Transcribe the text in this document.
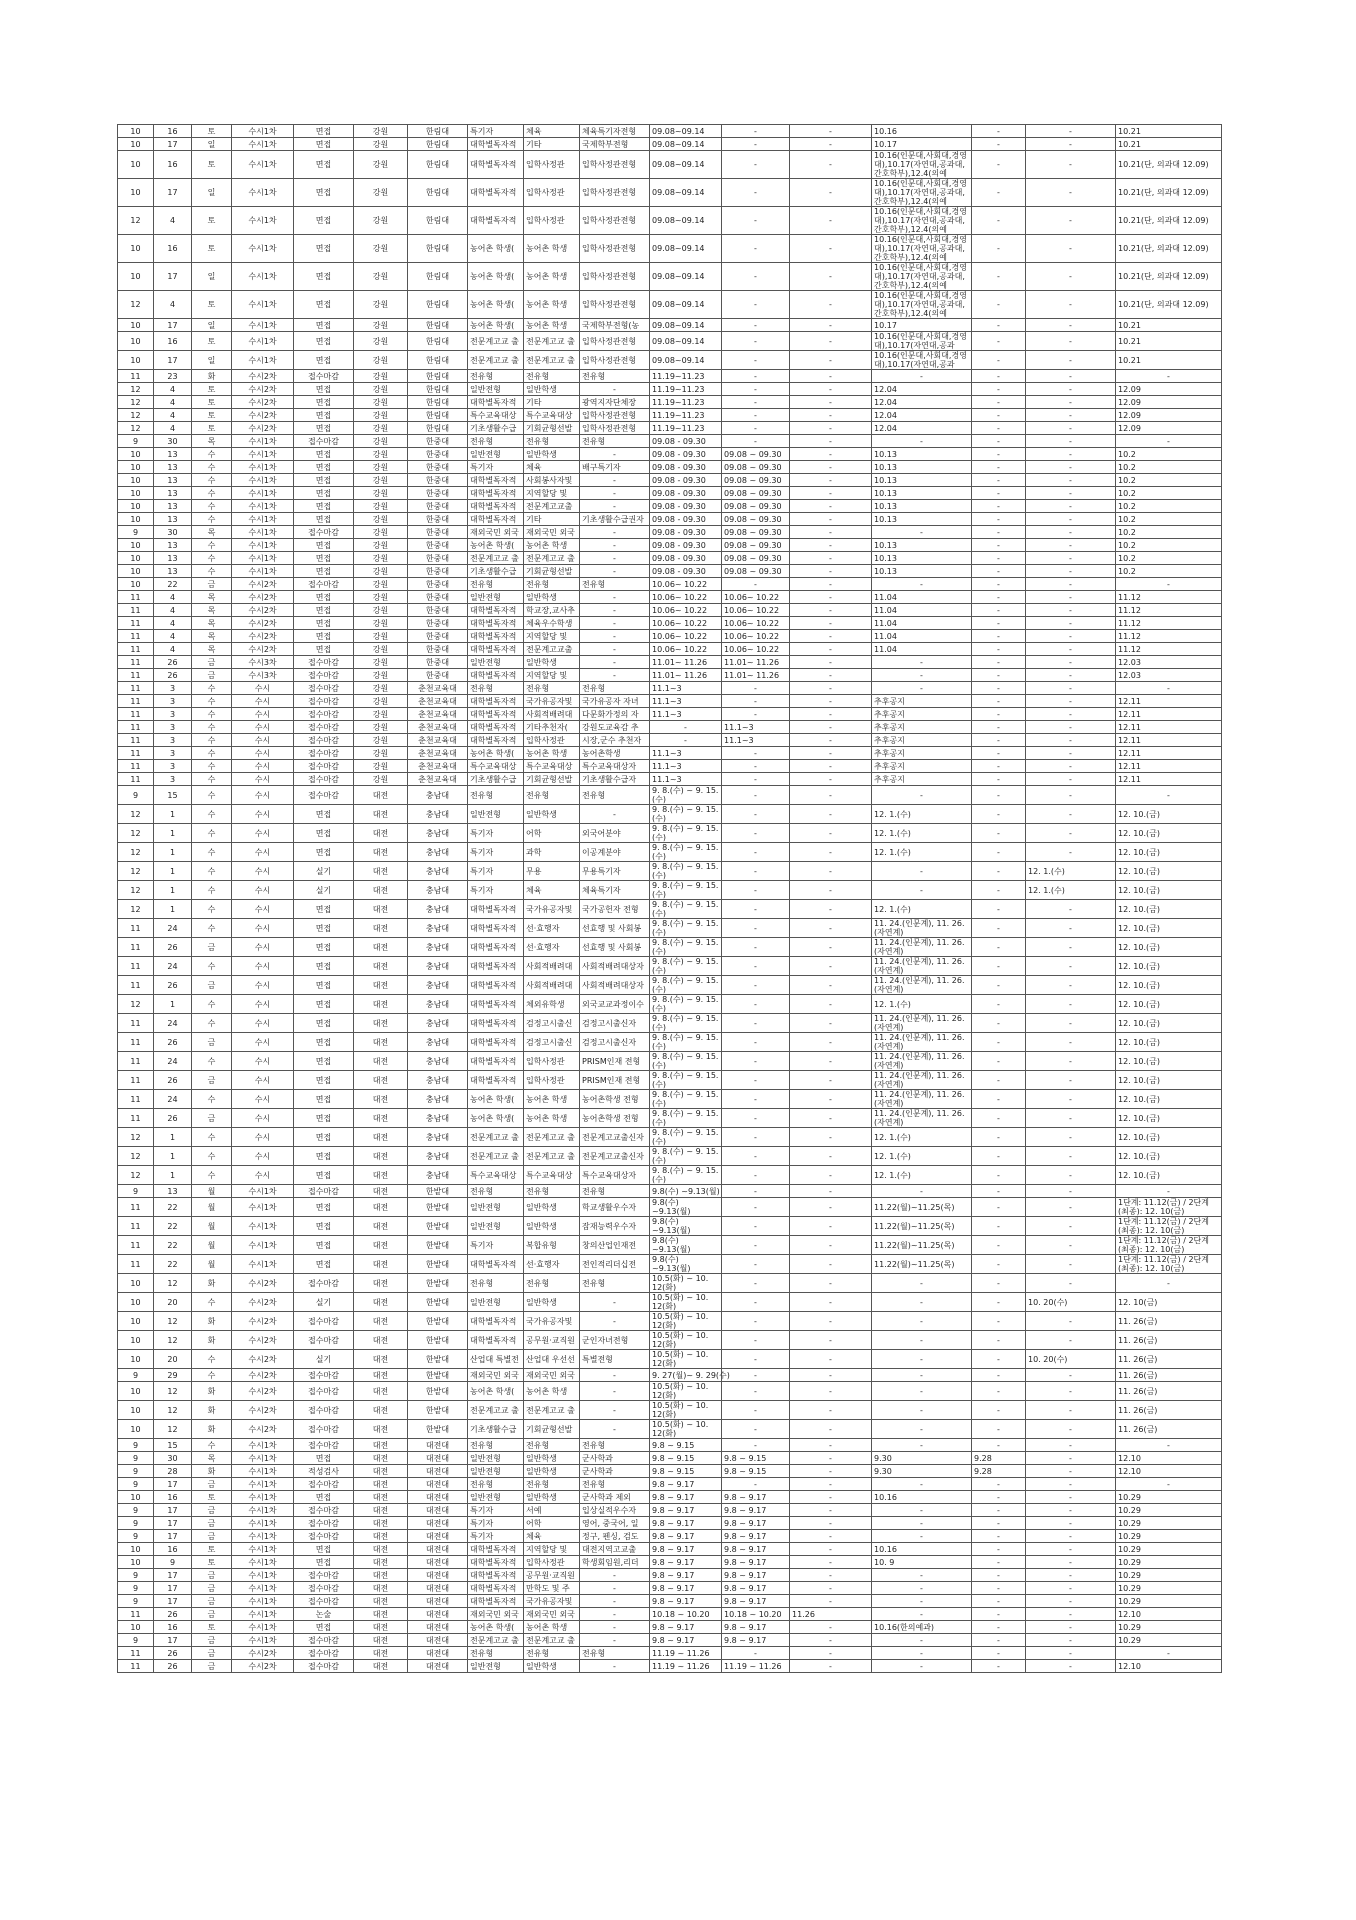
10	16	토	수시1차	면접	강원	한림대	특기자	체육	체육특기자전형	09.08~09.14	-	-	10.16	-	-	10.21
10	17	일	수시1차	면접	강원	한림대	대학별독자적	기타	국제학부전형	09.08~09.14	-	-	10.17	-	-	10.21
10	16	토	수시1차	면접	강원	한림대	대학별독자적	입학사정관	입학사정관전형	09.08~09.14	-	-	10.16(인문대,사회대,경영대),10.17(자연대,공과대,간호학부),12.4(의예	-	-	10.21(단, 의과대 12.09)
10	17	일	수시1차	면접	강원	한림대	대학별독자적	입학사정관	입학사정관전형	09.08~09.14	-	-	10.16(인문대,사회대,경영대),10.17(자연대,공과대,간호학부),12.4(의예	-	-	10.21(단, 의과대 12.09)
12	4	토	수시1차	면접	강원	한림대	대학별독자적	입학사정관	입학사정관전형	09.08~09.14	-	-	10.16(인문대,사회대,경영대),10.17(자연대,공과대,간호학부),12.4(의예	-	-	10.21(단, 의과대 12.09)
10	16	토	수시1차	면접	강원	한림대	농어촌 학생(	농어촌 학생	입학사정관전형	09.08~09.14	-	-	10.16(인문대,사회대,경영대),10.17(자연대,공과대,간호학부),12.4(의예	-	-	10.21(단, 의과대 12.09)
10	17	일	수시1차	면접	강원	한림대	농어촌 학생(	농어촌 학생	입학사정관전형	09.08~09.14	-	-	10.16(인문대,사회대,경영대),10.17(자연대,공과대,간호학부),12.4(의예	-	-	10.21(단, 의과대 12.09)
12	4	토	수시1차	면접	강원	한림대	농어촌 학생(	농어촌 학생	입학사정관전형	09.08~09.14	-	-	10.16(인문대,사회대,경영대),10.17(자연대,공과대,간호학부),12.4(의예	-	-	10.21(단, 의과대 12.09)
10	17	일	수시1차	면접	강원	한림대	농어촌 학생(	농어촌 학생	국제학부전형(농	09.08~09.14	-	-	10.17	-	-	10.21
10	16	토	수시1차	면접	강원	한림대	전문계고교 출	전문계고교 출	입학사정관전형	09.08~09.14	-	-	10.16(인문대,사회대,경영대),10.17(자연대,공과	-	-	10.21
10	17	일	수시1차	면접	강원	한림대	전문계고교 출	전문계고교 출	입학사정관전형	09.08~09.14	-	-	10.16(인문대,사회대,경영대),10.17(자연대,공과	-	-	10.21
11	23	화	수시2차	접수마감	강원	한림대	전유형	전유형	전유형	11.19~11.23	-	-	-	-	-	-
12	4	토	수시2차	면접	강원	한림대	일반전형	일반학생	-	11.19~11.23	-	-	12.04	-	-	12.09
12	4	토	수시2차	면접	강원	한림대	대학별독자적	기타	광역지자단체장	11.19~11.23	-	-	12.04	-	-	12.09
12	4	토	수시2차	면접	강원	한림대	특수교육대상	특수교육대상	입학사정관전형	11.19~11.23	-	-	12.04	-	-	12.09
12	4	토	수시2차	면접	강원	한림대	기초생활수급	기회균형선발	입학사정관전형	11.19~11.23	-	-	12.04	-	-	12.09
9	30	목	수시1차	접수마감	강원	한중대	전유형	전유형	전유형	09.08 - 09.30	-	-	-	-	-	-
10	13	수	수시1차	면접	강원	한중대	일반전형	일반학생	-	09.08 - 09.30	09.08 ~ 09.30	-	10.13	-	-	10.2
10	13	수	수시1차	면접	강원	한중대	특기자	체육	배구특기자	09.08 - 09.30	09.08 ~ 09.30	-	10.13	-	-	10.2
10	13	수	수시1차	면접	강원	한중대	대학별독자적	사회봉사자및	-	09.08 - 09.30	09.08 ~ 09.30	-	10.13	-	-	10.2
10	13	수	수시1차	면접	강원	한중대	대학별독자적	지역할당 및	-	09.08 - 09.30	09.08 ~ 09.30	-	10.13	-	-	10.2
10	13	수	수시1차	면접	강원	한중대	대학별독자적	전문계고교출	-	09.08 - 09.30	09.08 ~ 09.30	-	10.13	-	-	10.2
10	13	수	수시1차	면접	강원	한중대	대학별독자적	기타	기초생활수급권자	09.08 - 09.30	09.08 ~ 09.30	-	10.13	-	-	10.2
9	30	목	수시1차	접수마감	강원	한중대	재외국민 외국	재외국민 외국	-	09.08 - 09.30	09.08 ~ 09.30	-	-	-	-	10.2
10	13	수	수시1차	면접	강원	한중대	농어촌 학생(	농어촌 학생	-	09.08 - 09.30	09.08 ~ 09.30	-	10.13	-	-	10.2
10	13	수	수시1차	면접	강원	한중대	전문계고교 출	전문계고교 출	-	09.08 - 09.30	09.08 ~ 09.30	-	10.13	-	-	10.2
10	13	수	수시1차	면접	강원	한중대	기초생활수급	기회균형선발	-	09.08 - 09.30	09.08 ~ 09.30	-	10.13	-	-	10.2
10	22	금	수시2차	접수마감	강원	한중대	전유형	전유형	전유형	10.06~ 10.22	-	-	-	-	-	-
11	4	목	수시2차	면접	강원	한중대	일반전형	일반학생	-	10.06~ 10.22	10.06~ 10.22	-	11.04	-	-	11.12
11	4	목	수시2차	면접	강원	한중대	대학별독자적	학교장,교사추	-	10.06~ 10.22	10.06~ 10.22	-	11.04	-	-	11.12
11	4	목	수시2차	면접	강원	한중대	대학별독자적	체육우수학생	-	10.06~ 10.22	10.06~ 10.22	-	11.04	-	-	11.12
11	4	목	수시2차	면접	강원	한중대	대학별독자적	지역할당 및	-	10.06~ 10.22	10.06~ 10.22	-	11.04	-	-	11.12
11	4	목	수시2차	면접	강원	한중대	대학별독자적	전문계고교출	-	10.06~ 10.22	10.06~ 10.22	-	11.04	-	-	11.12
11	26	금	수시3차	접수마감	강원	한중대	일반전형	일반학생	-	11.01~ 11.26	11.01~ 11.26	-	-	-	-	12.03
11	26	금	수시3차	접수마감	강원	한중대	대학별독자적	지역할당 및	-	11.01~ 11.26	11.01~ 11.26	-	-	-	-	12.03
11	3	수	수시	접수마감	강원	춘천교육대	전유형	전유형	전유형	11.1~3	-	-	-	-	-	-
11	3	수	수시	접수마감	강원	춘천교육대	대학별독자적	국가유공자및	국가유공자 자녀	11.1~3	-	-	추후공지	-	-	12.11
11	3	수	수시	접수마감	강원	춘천교육대	대학별독자적	사회적배려대	다문화가정의 자	11.1~3	-	-	추후공지	-	-	12.11
11	3	수	수시	접수마감	강원	춘천교육대	대학별독자적	기타추천자(	강원도교육감 추	-	11.1~3	-	추후공지	-	-	12.11
11	3	수	수시	접수마감	강원	춘천교육대	대학별독자적	입학사정관	시장,군수 추천자	-	11.1~3	-	추후공지	-	-	12.11
11	3	수	수시	접수마감	강원	춘천교육대	농어촌 학생(	농어촌 학생	농어촌학생	11.1~3	-	-	추후공지	-	-	12.11
11	3	수	수시	접수마감	강원	춘천교육대	특수교육대상	특수교육대상	특수교육대상자	11.1~3	-	-	추후공지	-	-	12.11
11	3	수	수시	접수마감	강원	춘천교육대	기초생활수급	기회균형선발	기초생활수급자	11.1~3	-	-	추후공지	-	-	12.11
9	15	수	수시	접수마감	대전	충남대	전유형	전유형	전유형	9. 8.(수) ~ 9. 15.(수)	-	-	-	-	-	-
12	1	수	수시	면접	대전	충남대	일반전형	일반학생	-	9. 8.(수) ~ 9. 15.(수)	-	-	12. 1.(수)	-	-	12. 10.(금)
12	1	수	수시	면접	대전	충남대	특기자	어학	외국어분야	9. 8.(수) ~ 9. 15.(수)	-	-	12. 1.(수)	-	-	12. 10.(금)
12	1	수	수시	면접	대전	충남대	특기자	과학	이공계분야	9. 8.(수) ~ 9. 15.(수)	-	-	12. 1.(수)	-	-	12. 10.(금)
12	1	수	수시	실기	대전	충남대	특기자	무용	무용특기자	9. 8.(수) ~ 9. 15.(수)	-	-	-	-	12. 1.(수)	12. 10.(금)
12	1	수	수시	실기	대전	충남대	특기자	체육	체육특기자	9. 8.(수) ~ 9. 15.(수)	-	-	-	-	12. 1.(수)	12. 10.(금)
12	1	수	수시	면접	대전	충남대	대학별독자적	국가유공자및	국가공헌자 전형	9. 8.(수) ~ 9. 15.(수)	-	-	12. 1.(수)	-	-	12. 10.(금)
11	24	수	수시	면접	대전	충남대	대학별독자적	선·효행자	선효행 및 사회봉	9. 8.(수) ~ 9. 15.(수)	-	-	11. 24.(인문계), 11. 26.(자연계)	-	-	12. 10.(금)
11	26	금	수시	면접	대전	충남대	대학별독자적	선·효행자	선효행 및 사회봉	9. 8.(수) ~ 9. 15.(수)	-	-	11. 24.(인문계), 11. 26.(자연계)	-	-	12. 10.(금)
11	24	수	수시	면접	대전	충남대	대학별독자적	사회적배려대	사회적배려대상자	9. 8.(수) ~ 9. 15.(수)	-	-	11. 24.(인문계), 11. 26.(자연계)	-	-	12. 10.(금)
11	26	금	수시	면접	대전	충남대	대학별독자적	사회적배려대	사회적배려대상자	9. 8.(수) ~ 9. 15.(수)	-	-	11. 24.(인문계), 11. 26.(자연계)	-	-	12. 10.(금)
12	1	수	수시	면접	대전	충남대	대학별독자적	체외유학생	외국교교과정이수	9. 8.(수) ~ 9. 15.(수)	-	-	12. 1.(수)	-	-	12. 10.(금)
11	24	수	수시	면접	대전	충남대	대학별독자적	검정고시출신	검정고시출신자	9. 8.(수) ~ 9. 15.(수)	-	-	11. 24.(인문계), 11. 26.(자연계)	-	-	12. 10.(금)
11	26	금	수시	면접	대전	충남대	대학별독자적	검정고시출신	검정고시출신자	9. 8.(수) ~ 9. 15.(수)	-	-	11. 24.(인문계), 11. 26.(자연계)	-	-	12. 10.(금)
11	24	수	수시	면접	대전	충남대	대학별독자적	입학사정관	PRISM인재 전형	9. 8.(수) ~ 9. 15.(수)	-	-	11. 24.(인문계), 11. 26.(자연계)	-	-	12. 10.(금)
11	26	금	수시	면접	대전	충남대	대학별독자적	입학사정관	PRISM인재 전형	9. 8.(수) ~ 9. 15.(수)	-	-	11. 24.(인문계), 11. 26.(자연계)	-	-	12. 10.(금)
11	24	수	수시	면접	대전	충남대	농어촌 학생(	농어촌 학생	농어촌학생 전형	9. 8.(수) ~ 9. 15.(수)	-	-	11. 24.(인문계), 11. 26.(자연계)	-	-	12. 10.(금)
11	26	금	수시	면접	대전	충남대	농어촌 학생(	농어촌 학생	농어촌학생 전형	9. 8.(수) ~ 9. 15.(수)	-	-	11. 24.(인문계), 11. 26.(자연계)	-	-	12. 10.(금)
12	1	수	수시	면접	대전	충남대	전문계고교 출	전문계고교 출	전문계고교출신자	9. 8.(수) ~ 9. 15.(수)	-	-	12. 1.(수)	-	-	12. 10.(금)
12	1	수	수시	면접	대전	충남대	전문계고교 출	전문계고교 출	전문계고교출신자	9. 8.(수) ~ 9. 15.(수)	-	-	12. 1.(수)	-	-	12. 10.(금)
12	1	수	수시	면접	대전	충남대	특수교육대상	특수교육대상	특수교육대상자	9. 8.(수) ~ 9. 15.(수)	-	-	12. 1.(수)	-	-	12. 10.(금)
9	13	월	수시1차	접수마감	대전	한밭대	전유형	전유형	전유형	9.8(수) ~9.13(월)	-	-	-	-	-	-
11	22	월	수시1차	면접	대전	한밭대	일반전형	일반학생	학교생활우수자	9.8(수) ~9.13(월)	-	-	11.22(월)~11.25(목)	-	-	1단계: 11.12(금) / 2단계(최종): 12. 10(금)
11	22	월	수시1차	면접	대전	한밭대	일반전형	일반학생	잠재능력우수자	9.8(수) ~9.13(월)	-	-	11.22(월)~11.25(목)	-	-	1단계: 11.12(금) / 2단계(최종): 12. 10(금)
11	22	월	수시1차	면접	대전	한밭대	특기자	복합유형	창의산업인재전	9.8(수) ~9.13(월)	-	-	11.22(월)~11.25(목)	-	-	1단계: 11.12(금) / 2단계(최종): 12. 10(금)
11	22	월	수시1차	면접	대전	한밭대	대학별독자적	선·효행자	전인적리더십전	9.8(수) ~9.13(월)	-	-	11.22(월)~11.25(목)	-	-	1단계: 11.12(금) / 2단계(최종): 12. 10(금)
10	12	화	수시2차	접수마감	대전	한밭대	전유형	전유형	전유형	10.5(화) ~ 10. 12(화)	-	-	-	-	-	-
10	20	수	수시2차	실기	대전	한밭대	일반전형	일반학생	-	10.5(화) ~ 10. 12(화)	-	-	-	-	10. 20(수)	12. 10(금)
10	12	화	수시2차	접수마감	대전	한밭대	대학별독자적	국가유공자및	-	10.5(화) ~ 10. 12(화)	-	-	-	-	-	11. 26(금)
10	12	화	수시2차	접수마감	대전	한밭대	대학별독자적	공무원·교직원	군인자녀전형	10.5(화) ~ 10. 12(화)	-	-	-	-	-	11. 26(금)
10	20	수	수시2차	실기	대전	한밭대	산업대 특별전	산업대 우선선	특별전형	10.5(화) ~ 10. 12(화)	-	-	-	-	10. 20(수)	11. 26(금)
9	29	수	수시2차	접수마감	대전	한밭대	재외국민 외국	재외국민 외국	-	9. 27(월)~ 9. 29(수)	-	-	-	-	-	11. 26(금)
10	12	화	수시2차	접수마감	대전	한밭대	농어촌 학생(	농어촌 학생	-	10.5(화) ~ 10. 12(화)	-	-	-	-	-	11. 26(금)
10	12	화	수시2차	접수마감	대전	한밭대	전문계고교 출	전문계고교 출	-	10.5(화) ~ 10. 12(화)	-	-	-	-	-	11. 26(금)
10	12	화	수시2차	접수마감	대전	한밭대	기초생활수급	기회균형선발	-	10.5(화) ~ 10. 12(화)	-	-	-	-	-	11. 26(금)
9	15	수	수시1차	접수마감	대전	대전대	전유형	전유형	전유형	9.8 ~ 9.15	-	-	-	-	-	-
9	30	목	수시1차	면접	대전	대전대	일반전형	일반학생	군사학과	9.8 ~ 9.15	9.8 ~ 9.15	-	9.30	9.28	-	12.10
9	28	화	수시1차	적성검사	대전	대전대	일반전형	일반학생	군사학과	9.8 ~ 9.15	9.8 ~ 9.15	-	9.30	9.28	-	12.10
9	17	금	수시1차	접수마감	대전	대전대	전유형	전유형	전유형	9.8 ~ 9.17	-	-	-	-	-	-
10	16	토	수시1차	면접	대전	대전대	일반전형	일반학생	군사학과 제외	9.8 ~ 9.17	9.8 ~ 9.17	-	10.16	-	-	10.29
9	17	금	수시1차	접수마감	대전	대전대	특기자	서예	입상실적우수자	9.8 ~ 9.17	9.8 ~ 9.17	-	-	-	-	10.29
9	17	금	수시1차	접수마감	대전	대전대	특기자	어학	영어, 중국어, 일	9.8 ~ 9.17	9.8 ~ 9.17	-	-	-	-	10.29
9	17	금	수시1차	접수마감	대전	대전대	특기자	체육	정구, 펜싱, 검도	9.8 ~ 9.17	9.8 ~ 9.17	-	-	-	-	10.29
10	16	토	수시1차	면접	대전	대전대	대학별독자적	지역할당 및	대전지역고교출	9.8 ~ 9.17	9.8 ~ 9.17	-	10.16	-	-	10.29
10	9	토	수시1차	면접	대전	대전대	대학별독자적	입학사정관	학생회임원,리더	9.8 ~ 9.17	9.8 ~ 9.17	-	10. 9	-	-	10.29
9	17	금	수시1차	접수마감	대전	대전대	대학별독자적	공무원·교직원	-	9.8 ~ 9.17	9.8 ~ 9.17	-	-	-	-	10.29
9	17	금	수시1차	접수마감	대전	대전대	대학별독자적	만학도 및 주	-	9.8 ~ 9.17	9.8 ~ 9.17	-	-	-	-	10.29
9	17	금	수시1차	접수마감	대전	대전대	대학별독자적	국가유공자및	-	9.8 ~ 9.17	9.8 ~ 9.17	-	-	-	-	10.29
11	26	금	수시1차	논술	대전	대전대	재외국민 외국	재외국민 외국	-	10.18 ~ 10.20	10.18 ~ 10.20	11.26	-	-	-	12.10
10	16	토	수시1차	면접	대전	대전대	농어촌 학생(	농어촌 학생	-	9.8 ~ 9.17	9.8 ~ 9.17	-	10.16(한의예과)	-	-	10.29
9	17	금	수시1차	접수마감	대전	대전대	전문계고교 출	전문계고교 출	-	9.8 ~ 9.17	9.8 ~ 9.17	-	-	-	-	10.29
11	26	금	수시2차	접수마감	대전	대전대	전유형	전유형	전유형	11.19 ~ 11.26	-	-	-	-	-	-
11	26	금	수시2차	접수마감	대전	대전대	일반전형	일반학생	-	11.19 ~ 11.26	11.19 ~ 11.26	-	-	-	-	12.10
